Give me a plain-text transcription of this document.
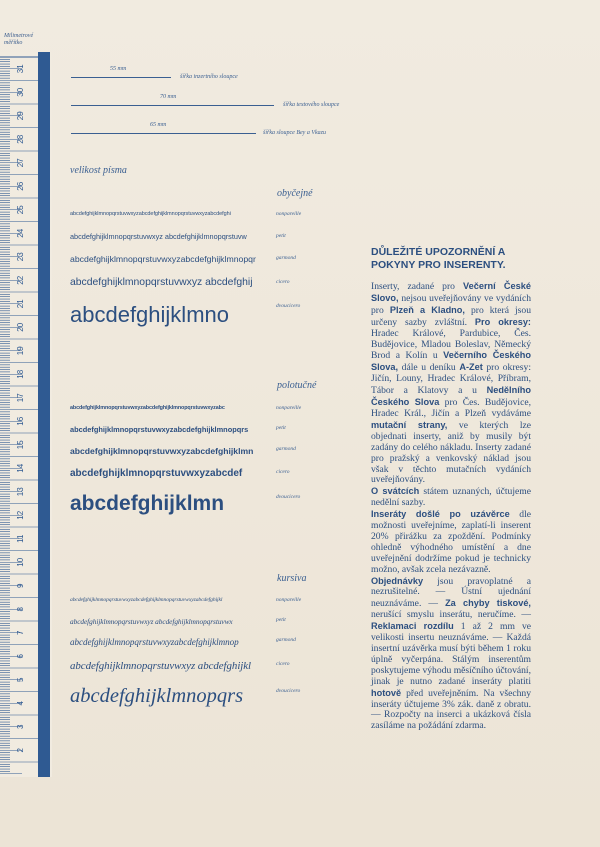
Milimetrové měřítko
31
30
29
28
27
26
25
24
23
22
21
20
19
18
17
16
15
14
13
12
11
10
9
8
7
6
5
4
3
2
55 mm
šířka inzertního sloupce
70 mm
šířka textového sloupce
65 mm
šířka sloupce Bey a Vkazu
velikost písma
obyčejné
abcdefghijklmnopqrstuvwxyzabcdefghijklmnopqrstuvwxyzabcdefghi	nonpareille
abcdefghijklmnopqrstuvwxyz abcdefghijklmnopqrstuvw	petit
abcdefghijklmnopqrstuvwxyzabcdefghijklmnopqr	garmond
abcdefghijklmnopqrstuvwxyz abcdefghij	cicero
abcdefghijklmno	dvoucicero
polotučné
abcdefghijklmnopqrstuvwxyzabcdefghijklmnopqrstuvwxyzabc	nonpareille
abcdefghijklmnopqrstuvwxyzabcdefghijklmnopqrs	petit
abcdefghijklmnopqrstuvwxyzabcdefghijklmn	garmond
abcdefghijklmnopqrstuvwxyzabcdef	cicero
abcdefghijklmn	dvoucicero
kursiva
abcdefghijklmnopqrstuvwxyzabcdefghijklmnopqrstuvwxyzabcdefghijkl	nonpareille
abcdefghijklmnopqrstuvwxyz abcdefghijklmnopqrstuvwx	petit
abcdefghijklmnopqrstuvwxyzabcdefghijklmnop	garmond
abcdefghijklmnopqrstuvwxyz abcdefghijkl	cicero
abcdefghijklmnopqrs	dvoucicero
DŮLEŽITÉ UPOZORNĚNÍ A POKYNY PRO INSERENTY.

Inserty, zadané pro Večerní České Slovo, nejsou uveřejňovány ve vydáních pro Plzeň a Kladno, pro která jsou určeny sazby zvláštní. Pro okresy: Hradec Králové, Pardubice, Čes. Budějovice, Mladou Boleslav, Německý Brod a Kolín u Večerního Českého Slova, dále u deníku A-Zet pro okresy: Jičín, Louny, Hradec Králové, Příbram, Tábor a Klatovy a u Nedělního Českého Slova pro Čes. Budějovice, Hradec Král., Jičín a Plzeň vydáváme mutační strany, ve kterých lze objednati inserty, aniž by musily být zadány do celého nákladu. Inserty zadané pro pražský a venkovský náklad jsou však v těchto mutačních vydáních uveřejňovány.

O svátcích státem uznaných, účtujeme nedělní sazby.

Inseráty došlé po uzávěrce dle možnosti uveřejníme, zaplatí-li inserent 20% přirážku za zpoždění. Podmínky ohledně výhodného umístění a dne uveřejnění dodržíme pokud je technicky možno, avšak zcela nezávazně.

Objednávky jsou pravoplatné a nezrušitelné. — Ústní ujednání neuznáváme. — Za chyby tiskové, nerušící smyslu inserátu, neručíme. — Reklamaci rozdílu 1 až 2 mm ve velikosti insertu neuznáváme. — Každá insertní uzávěrka musí býti během 1 roku úplně vyčerpána. Stálým inserentům poskytujeme výhodu měsíčního účtování, jinak je nutno zadané inseráty platiti hotově před uveřejněním. Na všechny inseráty účtujeme 3% zák. daně z obratu. — Rozpočty na inserci a ukázková čísla zasíláme na požádání zdarma.
